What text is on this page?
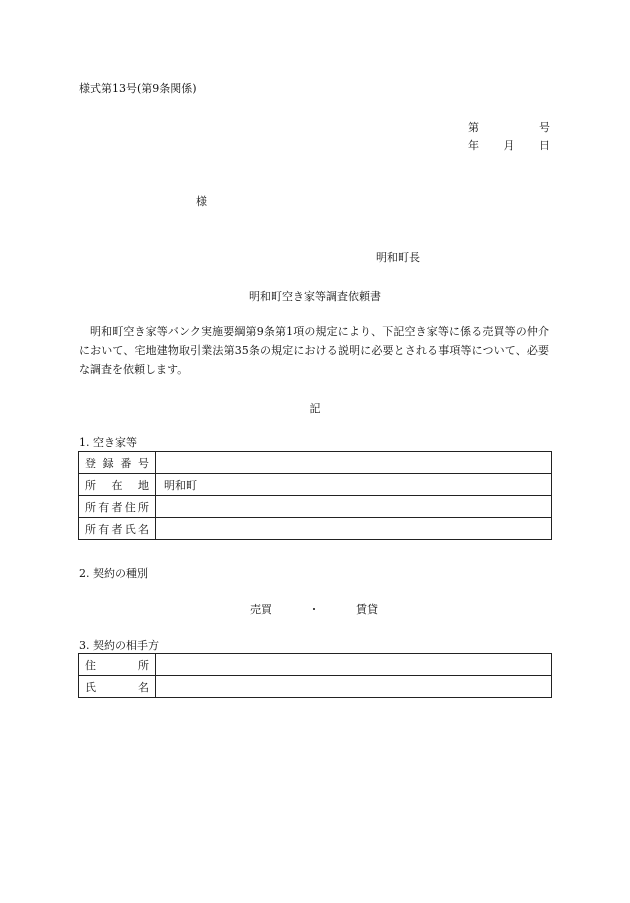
様式第13号(第9条関係)
第	号
年 月 日
様
明和町長
明和町空き家等調査依頼書
明和町空き家等バンク実施要綱第9条第1項の規定により、下記空き家等に係る売買等の仲介において、宅地建物取引業法第35条の規定における説明に必要とされる事項等について、必要な調査を依頼します。
記
1. 空き家等
登 録 番 号	

所 在 地	明和町

所 有 者 住 所	

所 有 者 氏 名	

2. 契約の種別
売買	・	賃貸
3. 契約の相手方
住 所	

氏 名	
